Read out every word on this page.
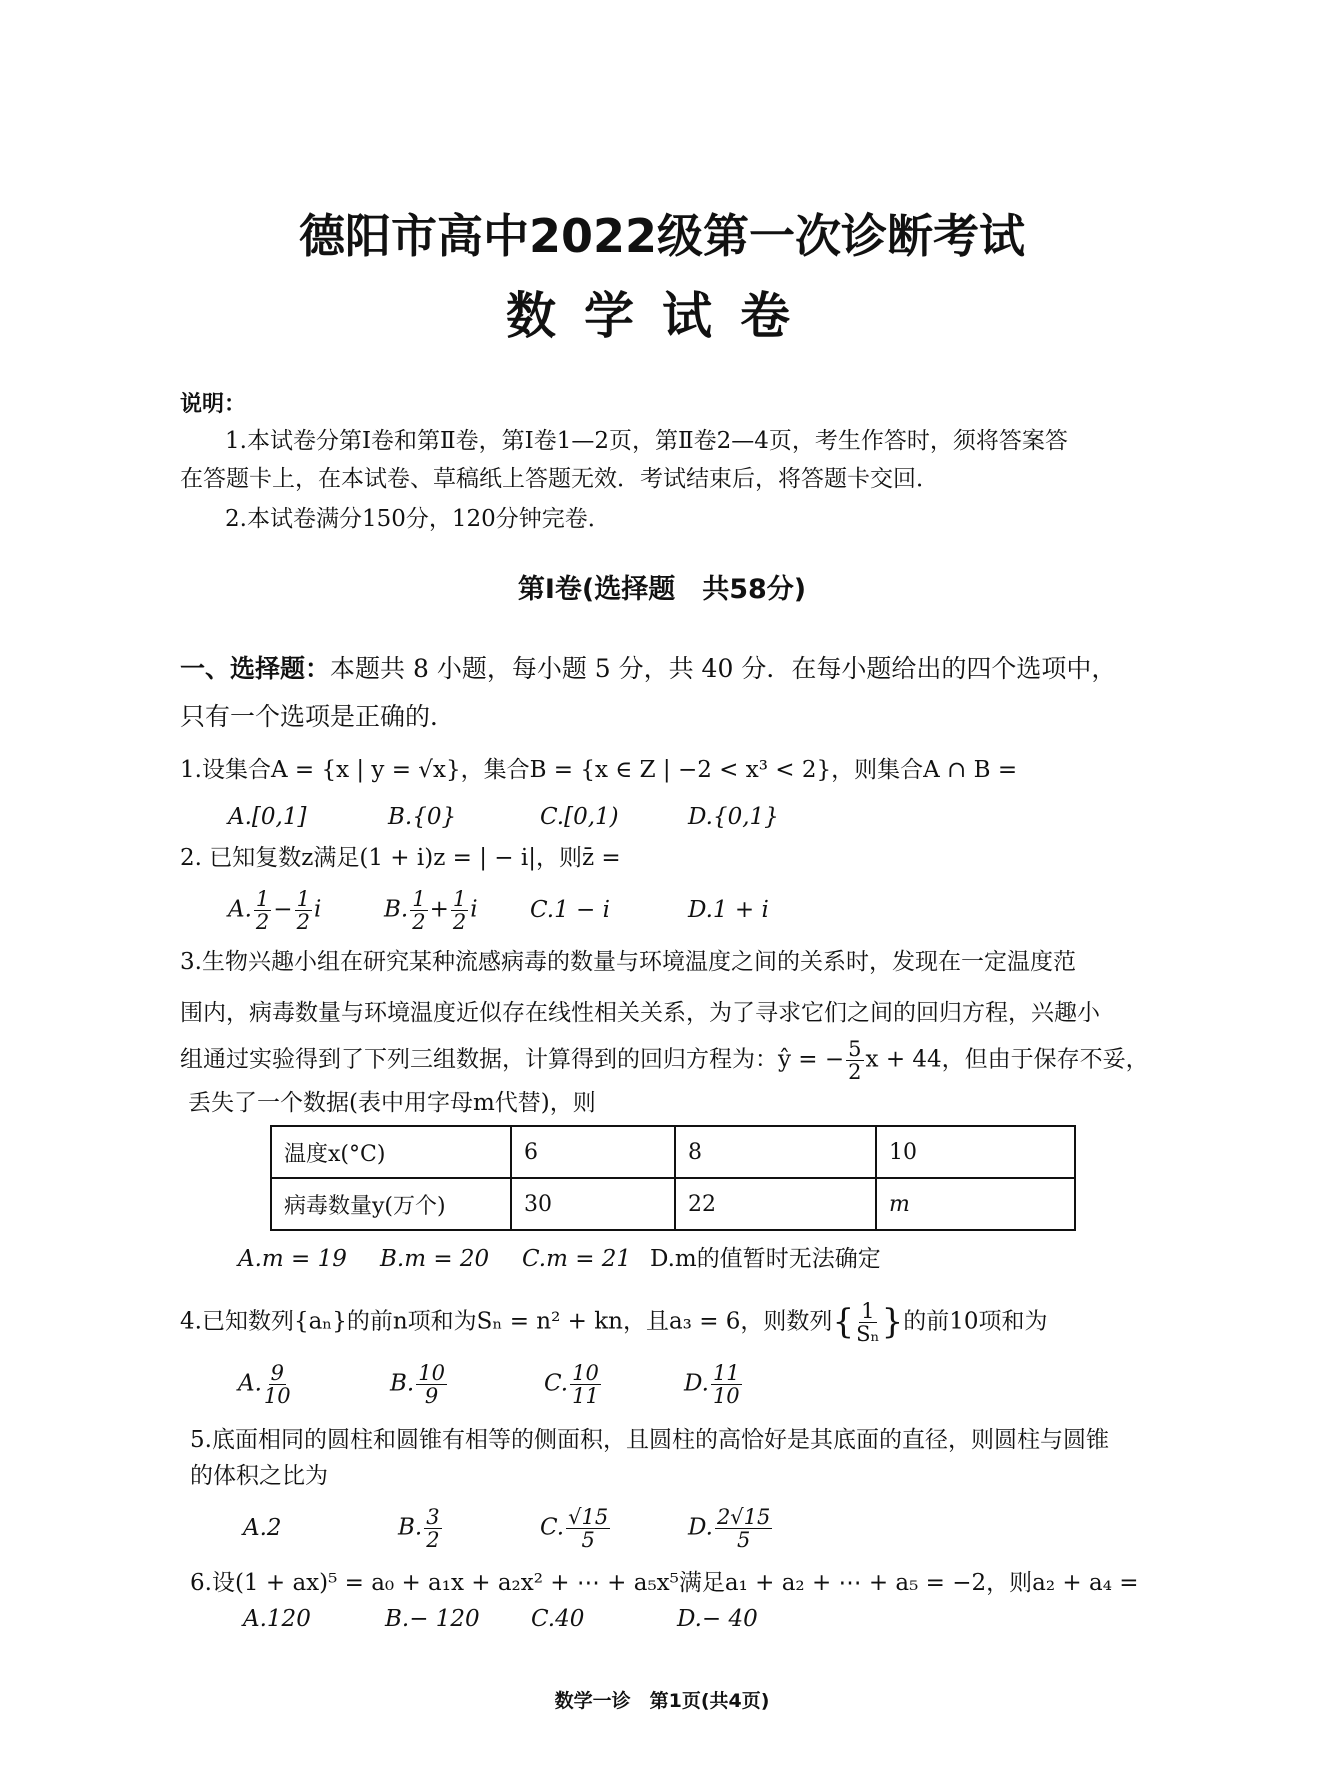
德阳市高中2022级第一次诊断考试
数学试卷
说明：
1.本试卷分第Ⅰ卷和第Ⅱ卷，第Ⅰ卷1—2页，第Ⅱ卷2—4页，考生作答时，须将答案答
在答题卡上，在本试卷、草稿纸上答题无效．考试结束后，将答题卡交回．
2.本试卷满分150分，120分钟完卷．
第Ⅰ卷(选择题　共58分)
一、选择题：本题共 8 小题，每小题 5 分，共 40 分．在每小题给出的四个选项中，
只有一个选项是正确的．
1.设集合A = {x | y = √x}，集合B = {x ∈ Z | −2 < x³ < 2}，则集合A ∩ B =
A.[0,1]	B.{0}	C.[0,1)	D.{0,1}
2. 已知复数z满足(1 + i)z = | − i|，则z̄ =
A. $\frac{1}{2} - \frac{1}{2}$ i	B. $\frac{1}{2} + \frac{1}{2}$ i C.1 − i	D.1 + i
3.生物兴趣小组在研究某种流感病毒的数量与环境温度之间的关系时，发现在一定温度范
围内，病毒数量与环境温度近似存在线性相关关系，为了寻求它们之间的回归方程，兴趣小
组通过实验得到了下列三组数据，计算得到的回归方程为：ŷ = − $\frac{5}{2}$ x + 44，但由于保存不妥，
丢失了一个数据(表中用字母m代替)，则
温度x(°C)	6	8	10
病毒数量y(万个)	30	22	m
A.m = 19 B.m = 20 C.m = 21 D.m的值暂时无法确定
4.已知数列{aₙ}的前n项和为Sₙ = n² + kn，且a₃ = 6，则数列{ $\frac{1}{\text{Sₙ}}$ }的前10项和为
A. $\frac{9}{10}$	B. $\frac{10}{9}$	C. $\frac{10}{11}$	D. $\frac{11}{10}$
5.底面相同的圆柱和圆锥有相等的侧面积，且圆柱的高恰好是其底面的直径，则圆柱与圆锥
的体积之比为
A.2	B. $\frac{3}{2}$	C. $\frac{√15}{5}$	D. $\frac{2√15}{5}$
6.设(1 + ax)⁵ = a₀ + a₁x + a₂x² + ⋯ + a₅x⁵满足a₁ + a₂ + ⋯ + a₅ = −2，则a₂ + a₄ =
A.120	B.− 120 C.40	D.− 40
数学一诊　第1页(共4页)
